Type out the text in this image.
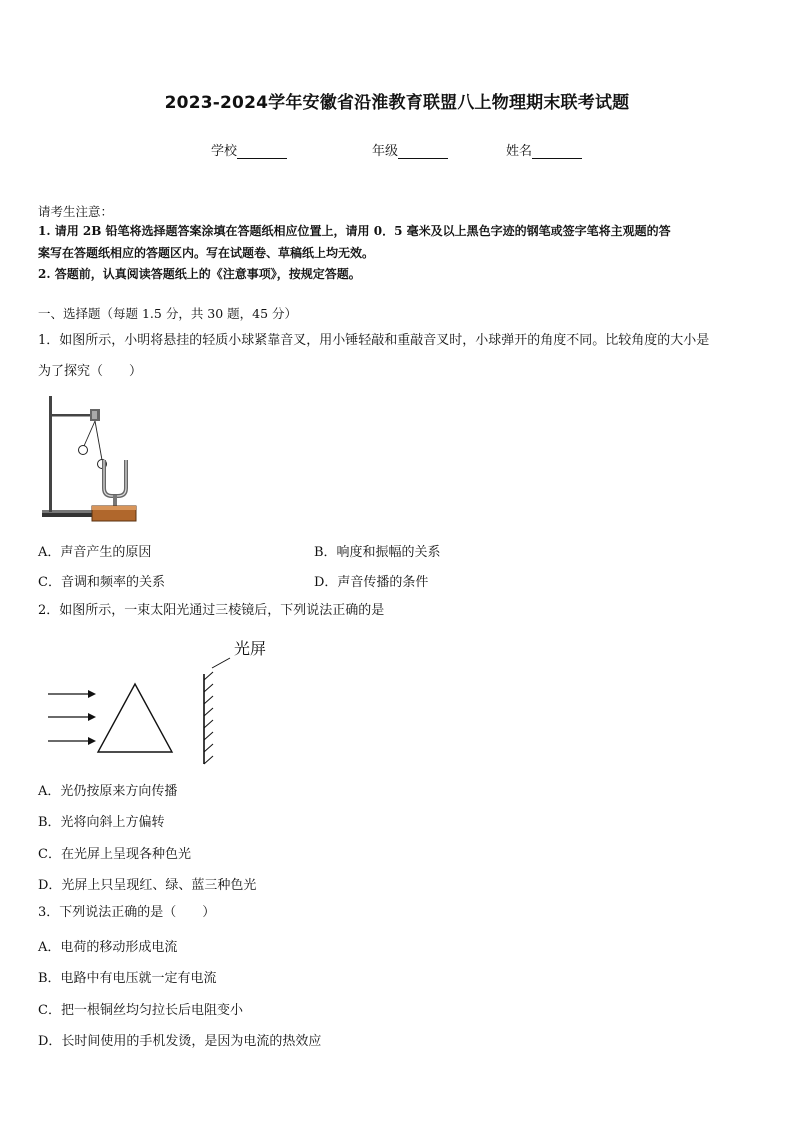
2023-2024学年安徽省沿淮教育联盟八上物理期末联考试题
学校	年级	姓名
请考生注意：
1. 请用 2B 铅笔将选择题答案涂填在答题纸相应位置上，请用 0．5 毫米及以上黑色字迹的钢笔或签字笔将主观题的答
案写在答题纸相应的答题区内。写在试题卷、草稿纸上均无效。
2. 答题前，认真阅读答题纸上的《注意事项》，按规定答题。
一、选择题（每题 1.5 分，共 30 题，45 分）
1．如图所示，小明将悬挂的轻质小球紧靠音叉，用小锤轻敲和重敲音叉时，小球弹开的角度不同。比较角度的大小是
为了探究（　　）
A．声音产生的原因	B．响度和振幅的关系
C．音调和频率的关系	D．声音传播的条件
2．如图所示，一束太阳光通过三棱镜后，下列说法正确的是
光屏
A．光仍按原来方向传播
B．光将向斜上方偏转
C．在光屏上呈现各种色光
D．光屏上只呈现红、绿、蓝三种色光
3．下列说法正确的是（　　）
A．电荷的移动形成电流
B．电路中有电压就一定有电流
C．把一根铜丝均匀拉长后电阻变小
D．长时间使用的手机发烫，是因为电流的热效应
